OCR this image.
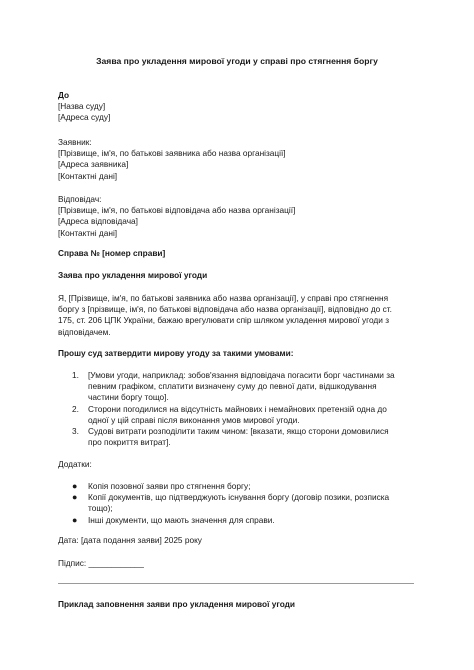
Заява про укладення мирової угоди у справі про стягнення боргу
До
[Назва суду]
[Адреса суду]
Заявник:
[Прізвище, ім'я, по батькові заявника або назва організації]
[Адреса заявника]
[Контактні дані]
Відповідач:
[Прізвище, ім'я, по батькові відповідача або назва організації]
[Адреса відповідача]
[Контактні дані]
Справа № [номер справи]
Заява про укладення мирової угоди
Я, [Прізвище, ім'я, по батькові заявника або назва організації], у справі про стягнення
боргу з [прізвище, ім'я, по батькові відповідача або назва організації], відповідно до ст.
175, ст. 206 ЦПК України, бажаю врегулювати спір шляком укладення мирової угоди з
відповідачем.
Прошу суд затвердити мирову угоду за такими умовами:
1. [Умови угоди, наприклад: зобов'язання відповідача погасити борг частинами за
певним графіком, сплатити визначену суму до певної дати, відшкодування
частини боргу тощо].
2. Сторони погодилися на відсутність майнових і немайнових претензій одна до
одної у цій справі після виконання умов мирової угоди.
3. Судові витрати розподілити таким чином: [вказати, якщо сторони домовилися
про покриття витрат].
Додатки:
● Копія позовної заяви про стягнення боргу;
● Копії документів, що підтверджують існування боргу (договір позики, розписка
тощо);
● Інші документи, що мають значення для справи.
Дата: [дата подання заяви] 2025 року
Підпис: ____________
Приклад заповнення заяви про укладення мирової угоди
